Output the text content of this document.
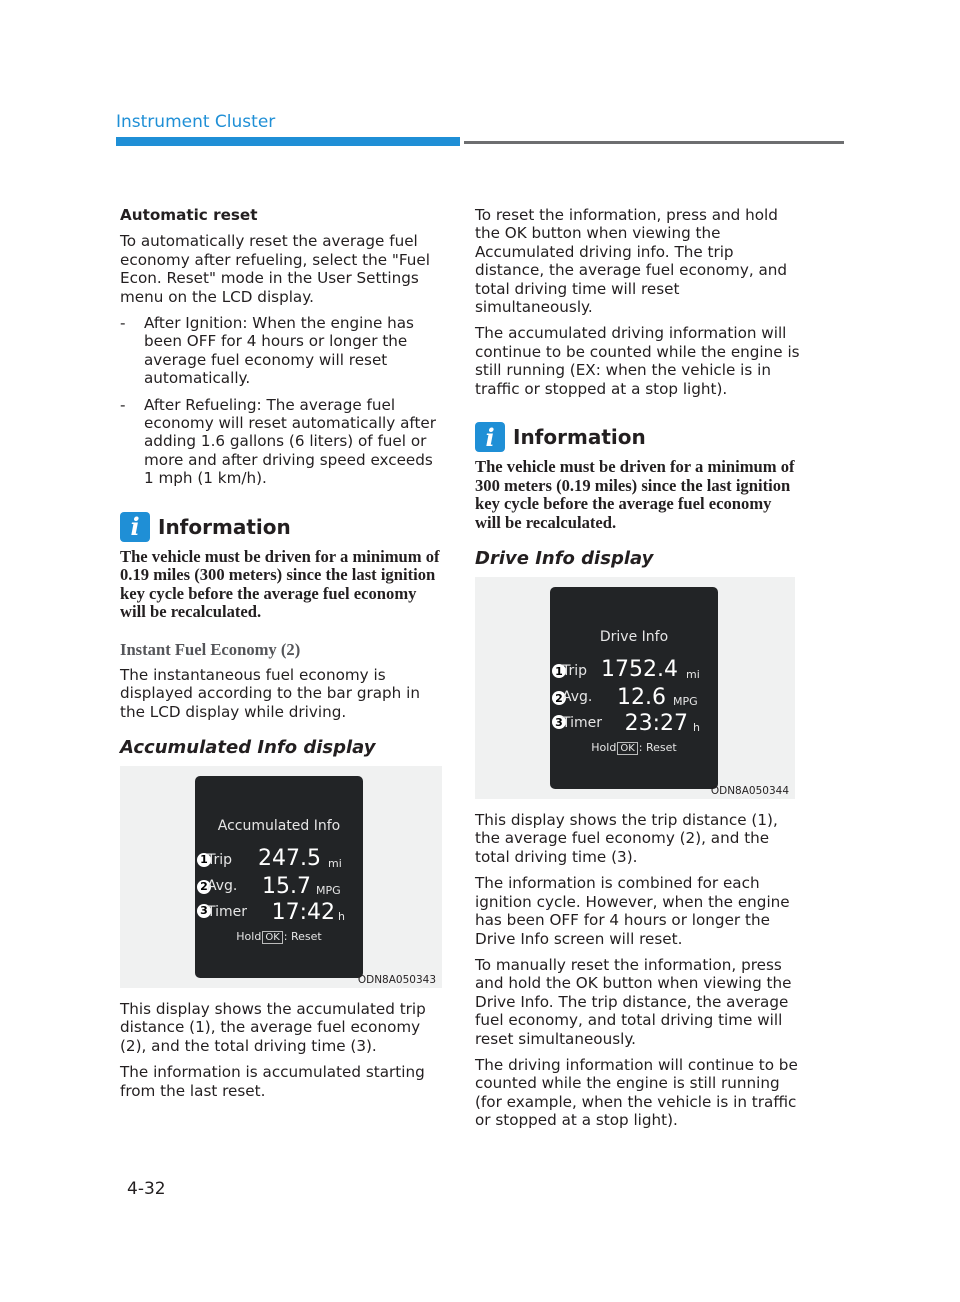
Instrument Cluster

Automatic reset

To automatically reset the average fuel economy after refueling, select the "Fuel Econ. Reset" mode in the User Settings menu on the LCD display.

-	After Ignition: When the engine has been OFF for 4 hours or longer the average fuel economy will reset automatically.
-	After Refueling: The average fuel economy will reset automatically after adding 1.6 gallons (6 liters) of fuel or more and after driving speed exceeds 1 mph (1 km/h).
i Information

The vehicle must be driven for a minimum of 0.19 miles (300 meters) since the last ignition key cycle before the average fuel economy will be recalculated.

Instant Fuel Economy (2)

The instantaneous fuel economy is displayed according to the bar graph in the LCD display while driving.

Accumulated Info display
Accumulated Info
1 Trip 247.5 mi
2 Avg.	15.7 MPG
3 Timer	17:42 h
Hold OK : Reset
ODN8A050343

This display shows the accumulated trip distance (1), the average fuel economy (2), and the total driving time (3).

The information is accumulated starting from the last reset.

To reset the information, press and hold the OK button when viewing the Accumulated driving info. The trip distance, the average fuel economy, and total driving time will reset simultaneously.

The accumulated driving information will continue to be counted while the engine is still running (EX: when the vehicle is in traffic or stopped at a stop light).

i Information

The vehicle must be driven for a minimum of 300 meters (0.19 miles) since the last ignition key cycle before the average fuel economy will be recalculated.

Drive Info display
Drive Info
1 Trip 1752.4 mi
2 Avg.	12.6 MPG
3 Timer	23:27 h
Hold OK : Reset
ODN8A050344

This display shows the trip distance (1), the average fuel economy (2), and the total driving time (3).

The information is combined for each ignition cycle. However, when the engine has been OFF for 4 hours or longer the Drive Info screen will reset.

To manually reset the information, press and hold the OK button when viewing the Drive Info. The trip distance, the average fuel economy, and total driving time will reset simultaneously.

The driving information will continue to be counted while the engine is still running (for example, when the vehicle is in traffic or stopped at a stop light).

4-32
